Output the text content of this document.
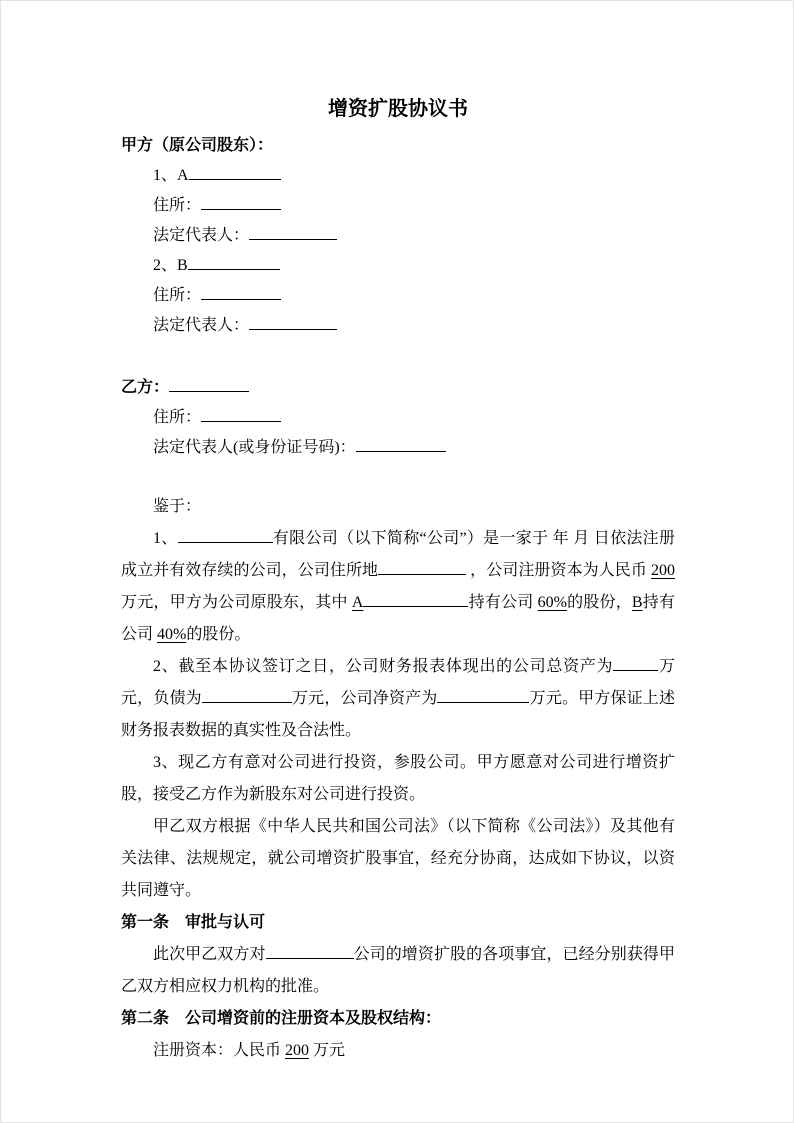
增资扩股协议书
甲方（原公司股东）：
1、A
住所：
法定代表人：
2、B
住所：
法定代表人：
乙方：
住所：
法定代表人(或身份证号码)：
鉴于：
1、	有限公司（以下简称“公司”）是一家于 年 月 日依法注册成立并有效存续的公司，公司住所地	，公司注册资本为人民币 200 万元，甲方为公司原股东，其中 A	持有公司 60%的股份，B持有公司 40%的股份。
2、截至本协议签订之日，公司财务报表体现出的公司总资产为	万元，负债为	万元，公司净资产为	万元。甲方保证上述财务报表数据的真实性及合法性。
3、现乙方有意对公司进行投资，参股公司。甲方愿意对公司进行增资扩股，接受乙方作为新股东对公司进行投资。
甲乙双方根据《中华人民共和国公司法》（以下简称《公司法》）及其他有关法律、法规规定，就公司增资扩股事宜，经充分协商，达成如下协议，以资共同遵守。
第一条　审批与认可
此次甲乙双方对	公司的增资扩股的各项事宜，已经分别获得甲乙双方相应权力机构的批准。
第二条　公司增资前的注册资本及股权结构：
注册资本：人民币 200 万元
